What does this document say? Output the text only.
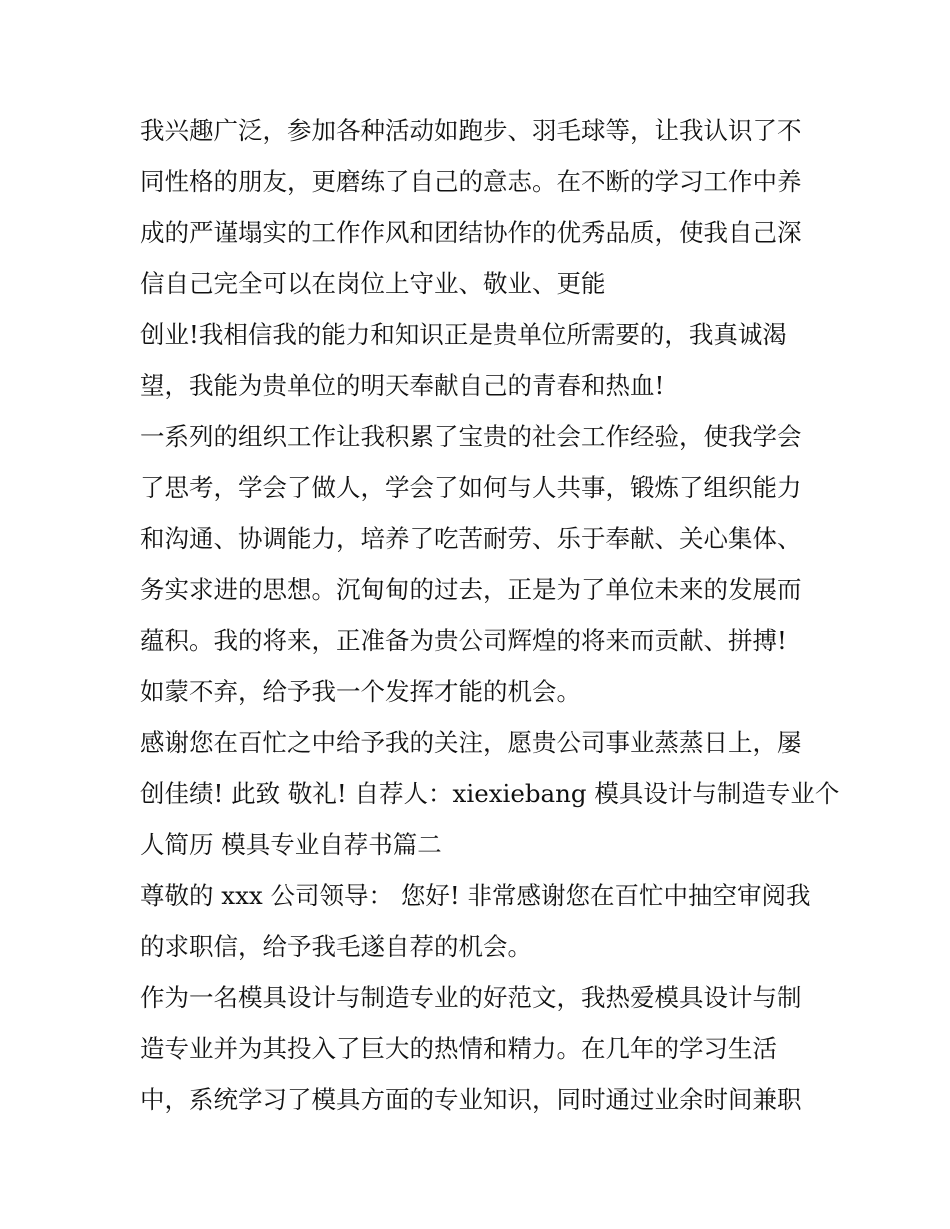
我兴趣广泛，参加各种活动如跑步、羽毛球等，让我认识了不
同性格的朋友，更磨练了自己的意志。在不断的学习工作中养
成的严谨塌实的工作作风和团结协作的优秀品质，使我自己深
信自己完全可以在岗位上守业、敬业、更能
创业!我相信我的能力和知识正是贵单位所需要的，我真诚渴
望，我能为贵单位的明天奉献自己的青春和热血!
一系列的组织工作让我积累了宝贵的社会工作经验，使我学会
了思考，学会了做人，学会了如何与人共事，锻炼了组织能力
和沟通、协调能力，培养了吃苦耐劳、乐于奉献、关心集体、
务实求进的思想。沉甸甸的过去，正是为了单位未来的发展而
蕴积。我的将来，正准备为贵公司辉煌的将来而贡献、拼搏!
如蒙不弃，给予我一个发挥才能的机会。
感谢您在百忙之中给予我的关注，愿贵公司事业蒸蒸日上，屡
创佳绩! 此致 敬礼! 自荐人：xiexiebang 模具设计与制造专业个
人简历 模具专业自荐书篇二
尊敬的 xxx 公司领导： 您好! 非常感谢您在百忙中抽空审阅我
的求职信，给予我毛遂自荐的机会。
作为一名模具设计与制造专业的好范文，我热爱模具设计与制
造专业并为其投入了巨大的热情和精力。在几年的学习生活
中，系统学习了模具方面的专业知识，同时通过业余时间兼职
